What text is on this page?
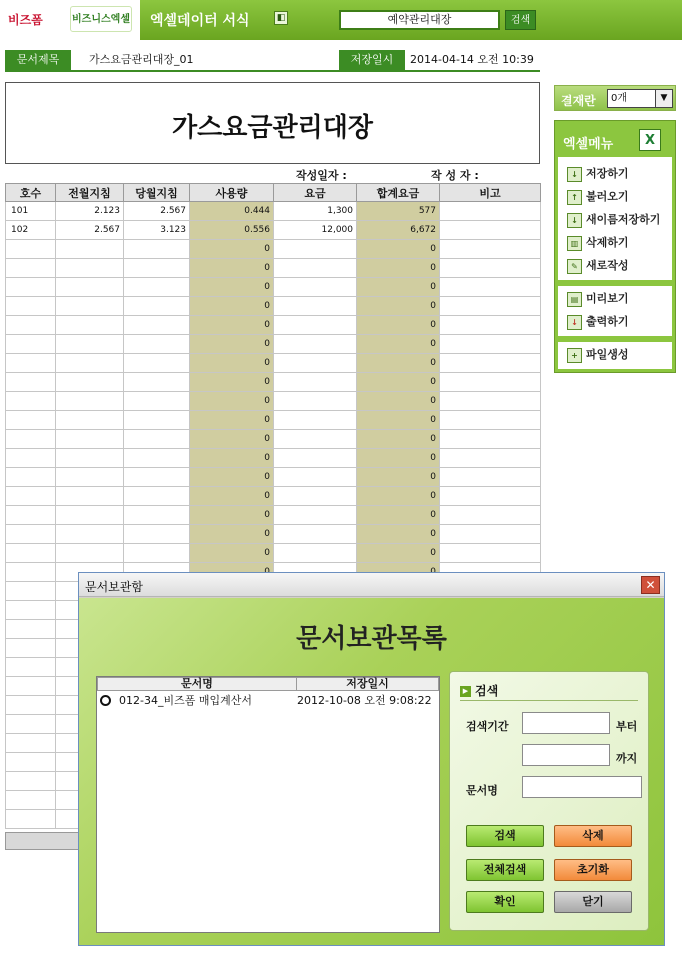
비즈폼	비즈니스엑셀 엑셀데이터 서식	◧	예약관리대장	검색
문서제목	가스요금관리대장_01	저장일시	2014-04-14 오전 10:39
가스요금관리대장
작성일자 :	작 성 자 :
호수	전월지침	당월지침	사용량	요금	합계요금	비고
101	2.123	2.567	0.444	1,300	577	
102	2.567	3.123	0.556	12,000	6,672	
			0		0	
			0		0	
			0		0	
			0		0	
			0		0	
			0		0	
			0		0	
			0		0	
			0		0	
			0		0	
			0		0	
			0		0	
			0		0	
			0		0	
			0		0	
			0		0	
			0		0	

결재란	0개	▼
엑셀메뉴	X
↓ 저장하기
↑ 불러오기
↓ 새이름저장하기
▥ 삭제하기
✎ 새로작성
▤ 미리보기
↓ 출력하기
+ 파일생성
문서보관함	✕
문서보관목록
문서명	저장일시
012-34_비즈폼 매입계산서	2012-10-08 오전 9:08:22
▶ 검색
검색기간	부터
까지
문서명
검색	삭제
전체검색	초기화
확인	닫기
